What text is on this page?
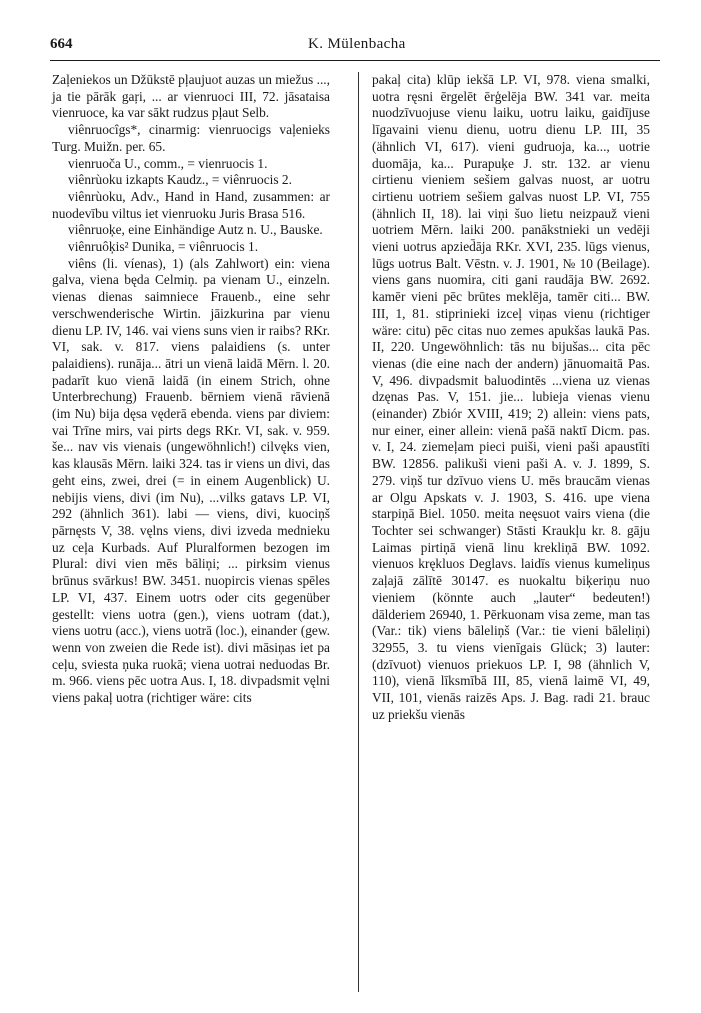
664	K. Mülenbacha

Zaļeniekos un Džūkstē pļaujuot auzas un miežus ..., ja tie pārāk gaŗi, ... ar vienruoci III, 72. jāsataisa vienruoce, ka var sākt rudzus pļaut Selb.

viênruocîgs*, cinarmig: vienruocigs vaļenieks Turg. Muižn. per. 65.

vienruoča U., comm., = vienruocis 1.

viênrùoku izkapts Kaudz., = viênruocis 2.

viênrùoku, Adv., Hand in Hand, zusammen: ar nuodevību viltus iet vienruoku Juris Brasa 516.

viênruoķe, eine Einhändige Autz n. U., Bauske.

viênruôķis² Dunika, = viênruocis 1.

viêns (li. víenas), 1) (als Zahlwort) ein: viena galva, viena będa Celmiņ. pa vienam U., einzeln. vienas dienas saimniece Frauenb., eine sehr verschwenderische Wirtin. jāizkurina par vienu dienu LP. IV, 146. vai viens suns vien ir raibs? RKr. VI, sak. v. 817. viens palaidiens (s. unter palaidiens). runāja... ātri un vienā laidā Mērn. l. 20. padarīt kuo vienā laidā (in einem Strich, ohne Unterbrechung) Frauenb. bērniem vienā rāvienā (im Nu) bija dęsa vęderā ebenda. viens par diviem: vai Trīne mirs, vai pirts degs RKr. VI, sak. v. 959. še... nav vis vienais (ungewöhnlich!) cilvęks vien, kas klausās Mērn. laiki 324. tas ir viens un divi, das geht eins, zwei, drei (= in einem Augenblick) U. nebijis viens, divi (im Nu), ...vilks gatavs LP. VI, 292 (ähnlich 361). labi — viens, divi, kuociņš pārnęsts V, 38. vęlns viens, divi izveda mednieku uz ceļa Kurbads. Auf Pluralformen bezogen im Plural: divi vien mēs bāliņi; ... pirksim vienus brūnus svārkus! BW. 3451. nuopircis vienas spēles LP. VI, 437. Einem uotrs oder cits gegenüber gestellt: viens uotra (gen.), viens uotram (dat.), viens uotru (acc.), viens uotrā (loc.), einander (gew. wenn von zweien die Rede ist). divi māsiņas iet pa ceļu, sviesta ņuka ruokā; viena uotrai neduodas Br. m. 966. viens pēc uotra Aus. I, 18. divpadsmit vęlni viens pakaļ uotra (richtiger wäre: cits

pakaļ cita) klūp iekšā LP. VI, 978. viena smalki, uotra ręsni ērgelēt ērģelēja BW. 341 var. meita nuodzīvuojuse vienu laiku, uotru laiku, gaidījuse līgavaini vienu dienu, uotru dienu LP. III, 35 (ähnlich VI, 617). vieni gudruoja, ka..., uotrie duomāja, ka... Purapuķe J. str. 132. ar vienu cirtienu vieniem sešiem galvas nuost, ar uotru cirtienu uotriem sešiem galvas nuost LP. VI, 755 (ähnlich II, 18). lai viņi šuo lietu neizpauž vieni uotriem Mērn. laiki 200. panākstnieki un vedēji vieni uotrus apzied̄āja RKr. XVI, 235. lūgs vienus, lūgs uotrus Balt. Vēstn. v. J. 1901, № 10 (Beilage). viens gans nuomira, citi gani raudāja BW. 2692. kamēr vieni pēc brūtes meklēja, tamēr citi... BW. III, 1, 81. stiprinieki izceļ viņas vienu (richtiger wäre: citu) pēc citas nuo zemes apukšas laukā Pas. II, 220. Ungewöhnlich: tās nu bijušas... cita pēc vienas (die eine nach der andern) jānuomaitā Pas. V, 496. divpadsmit baluodintēs ...viena uz vienas dzęnas Pas. V, 151. jie... lubieja vienas vienu (einander) Zbiór XVIII, 419; 2) allein: viens pats, nur einer, einer allein: vienā pašā naktī Dicm. pas. v. I, 24. ziemeļam pieci puiši, vieni paši apaustīti BW. 12856. palikuši vieni paši A. v. J. 1899, S. 279. viņš tur dzīvuo viens U. mēs braucām vienas ar Olgu Apskats v. J. 1903, S. 416. upe viena starpiņā Biel. 1050. meita neęsuot vairs viena (die Tochter sei schwanger) Stāsti Kraukļu kr. 8. gāju Laimas pirtiņā vienā linu krekliņā BW. 1092. vienuos krękluos Deglavs. laidīs vienus kumeliņus zaļajā zālītē 30147. es nuokaltu biķeriņu nuo vieniem (könnte auch „lauter“ bedeuten!) dālderiem 26940, 1. Pērkuonam visa zeme, man tas (Var.: tik) viens bāleliņš (Var.: tie vieni bāleliņi) 32955, 3. tu viens vienīgais Glück; 3) lauter: (dzīvuot) vienuos priekuos LP. I, 98 (ähnlich V, 110), vienā līksmībā III, 85, vienā laimē VI, 49, VII, 101, vienās raizēs Aps. J. Bag. radi 21. brauc uz priekšu vienās
